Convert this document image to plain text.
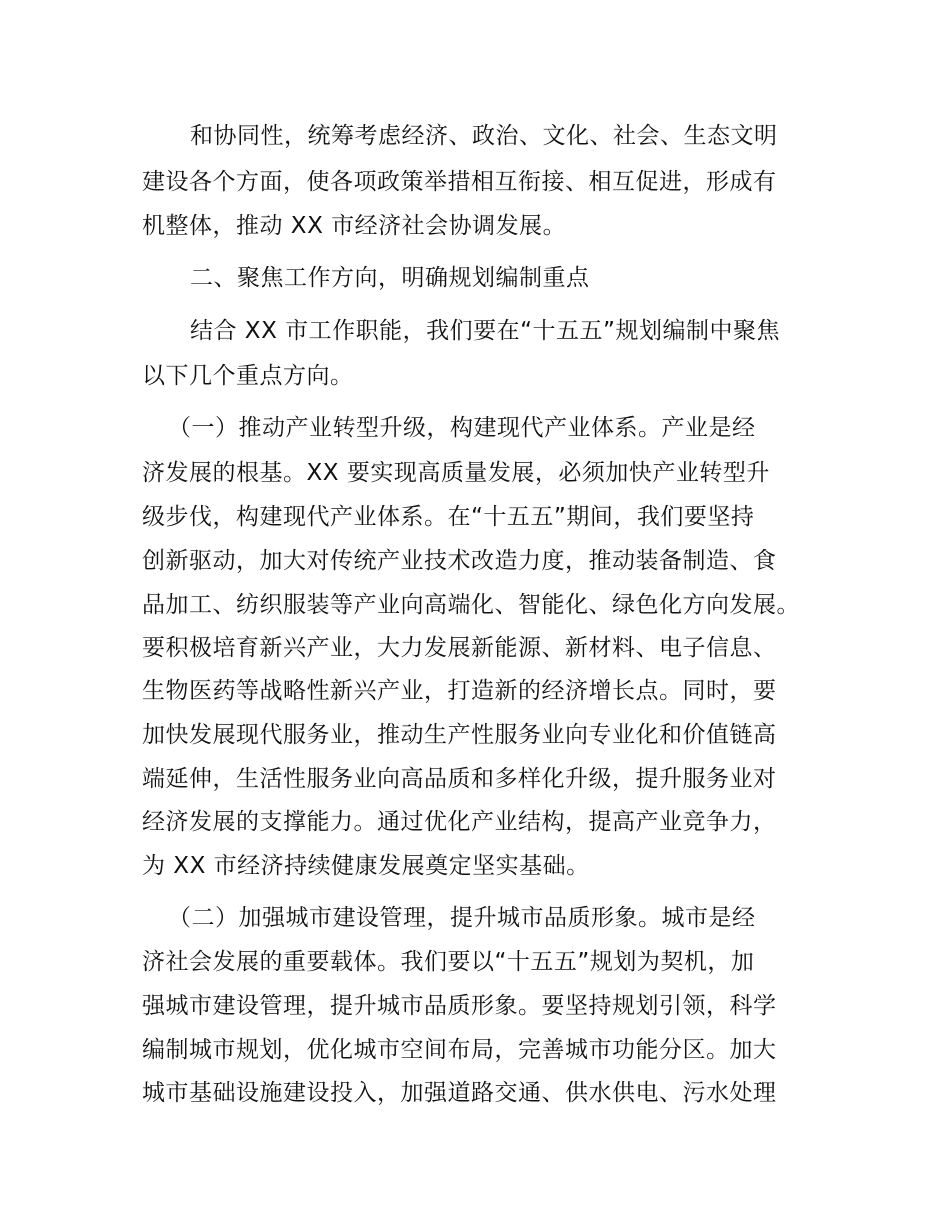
和协同性，统筹考虑经济、政治、文化、社会、生态文明

建设各个方面，使各项政策举措相互衔接、相互促进，形成有

机整体，推动 XX 市经济社会协调发展。

二、聚焦工作方向，明确规划编制重点

结合 XX 市工作职能，我们要在“十五五”规划编制中聚焦

以下几个重点方向。

（一）推动产业转型升级，构建现代产业体系。产业是经

济发展的根基。XX 要实现高质量发展，必须加快产业转型升

级步伐，构建现代产业体系。在“十五五”期间，我们要坚持

创新驱动，加大对传统产业技术改造力度，推动装备制造、食

品加工、纺织服装等产业向高端化、智能化、绿色化方向发展。

要积极培育新兴产业，大力发展新能源、新材料、电子信息、

生物医药等战略性新兴产业，打造新的经济增长点。同时，要

加快发展现代服务业，推动生产性服务业向专业化和价值链高

端延伸，生活性服务业向高品质和多样化升级，提升服务业对

经济发展的支撑能力。通过优化产业结构，提高产业竞争力，

为 XX 市经济持续健康发展奠定坚实基础。

（二）加强城市建设管理，提升城市品质形象。城市是经

济社会发展的重要载体。我们要以“十五五”规划为契机，加

强城市建设管理，提升城市品质形象。要坚持规划引领，科学

编制城市规划，优化城市空间布局，完善城市功能分区。加大

城市基础设施建设投入，加强道路交通、供水供电、污水处理
